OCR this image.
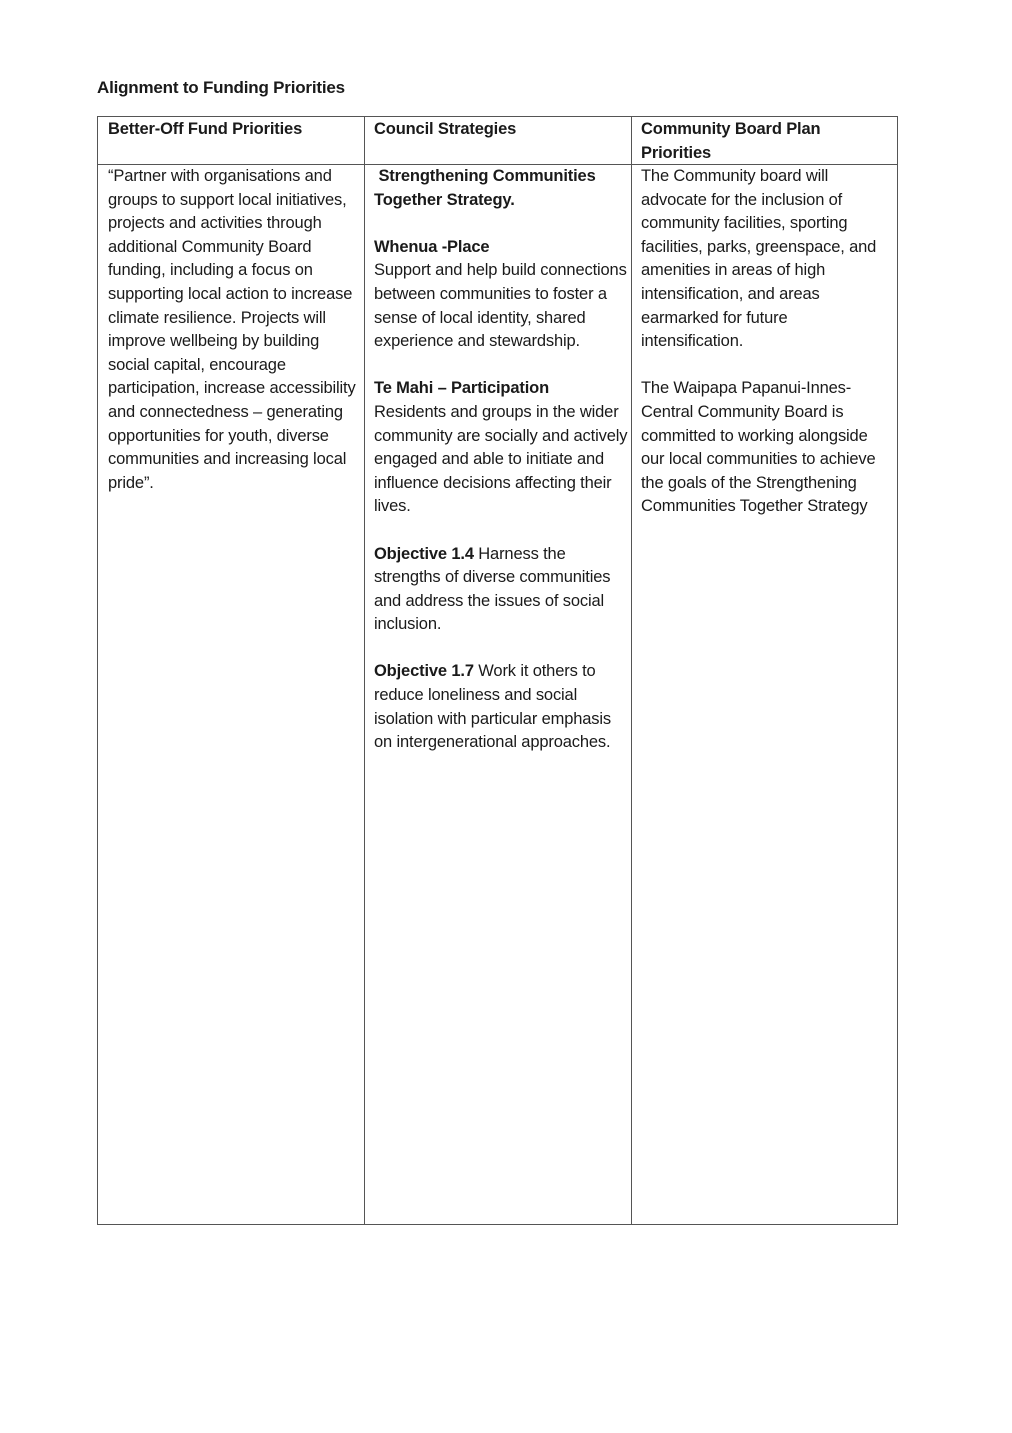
Alignment to Funding Priorities
Better-Off Fund Priorities	Council Strategies	Community Board Plan Priorities

“Partner with organisations and groups to support local initiatives, projects and activities through additional Community Board funding, including a focus on supporting local action to increase climate resilience. Projects will improve wellbeing by building social capital, encourage participation, increase accessibility and connectedness – generating opportunities for youth, diverse communities and increasing local pride”.

Strengthening Communities Together Strategy.

Whenua -Place

Support and help build connections between communities to foster a sense of local identity, shared experience and stewardship.

Te Mahi – Participation

Residents and groups in the wider community are socially and actively engaged and able to initiate and influence decisions affecting their lives.

Objective 1.4 Harness the strengths of diverse communities and address the issues of social inclusion.

Objective 1.7 Work it others to reduce loneliness and social isolation with particular emphasis on intergenerational approaches.

The Community board will advocate for the inclusion of community facilities, sporting facilities, parks, greenspace, and amenities in areas of high intensification, and areas earmarked for future intensification.

The Waipapa Papanui-Innes-Central Community Board is committed to working alongside our local communities to achieve the goals of the Strengthening Communities Together Strategy
